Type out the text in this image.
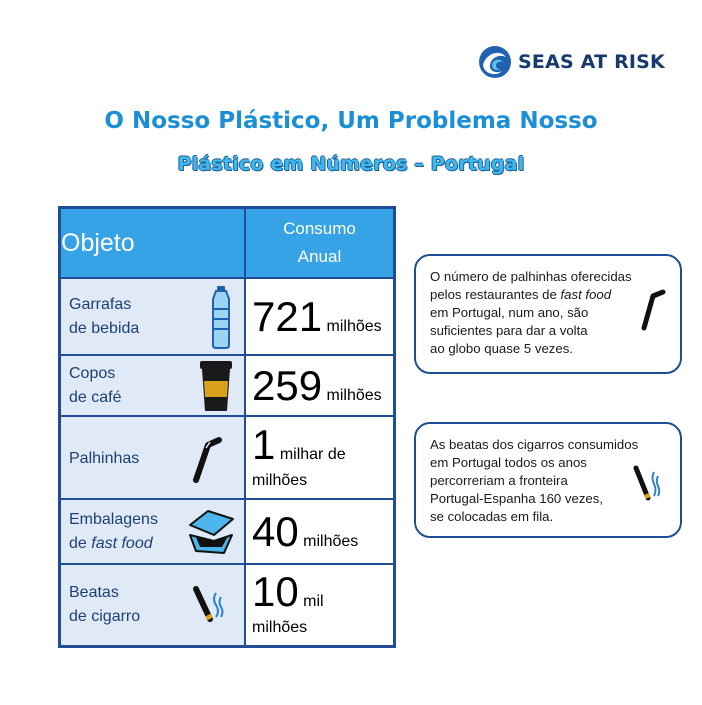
SEAS AT RISK
O Nosso Plástico, Um Problema Nosso
Plástico em Números – Portugal
Objeto	Consumo
Anual

Garrafas
de bebida	721 milhões

Copos
de café	259 milhões

Palhinhas	1 milhar de
milhões

Embalagens
de fast food	40 milhões

Beatas
de cigarro	10 mil
milhões
O número de palhinhas oferecidas
pelos restaurantes de fast food
em Portugal, num ano, são
suficientes para dar a volta
ao globo quase 5 vezes.
As beatas dos cigarros consumidos
em Portugal todos os anos
percorreriam a fronteira
Portugal-Espanha 160 vezes,
se colocadas em fila.
